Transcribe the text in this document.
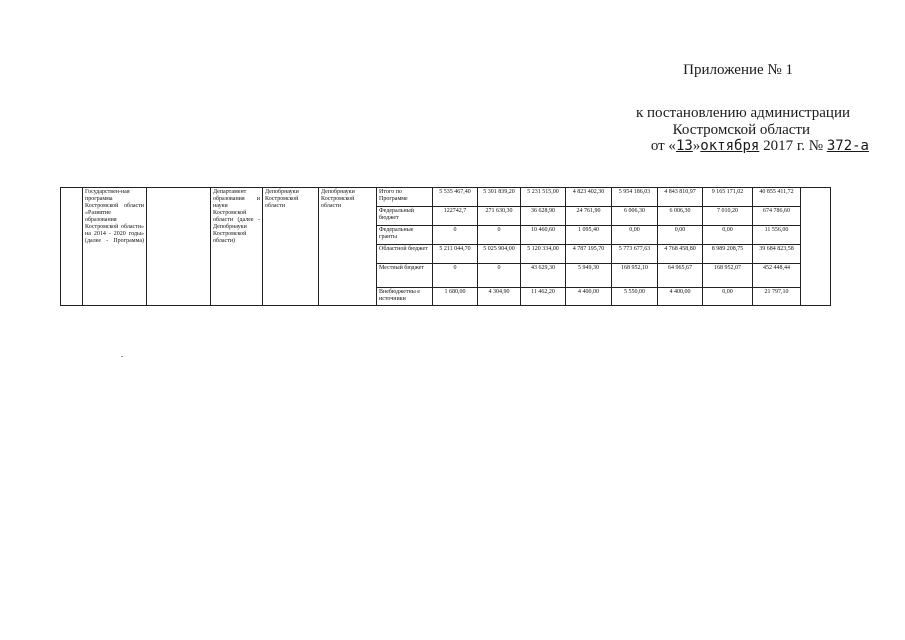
Приложение № 1
к постановлению администрации
Костромской области
от «13»октября 2017 г. № 372-а
	Государствен-ная программа Костромской области «Развитие образования Костромской области» на 2014 - 2020 годы» (далее - Программа)		Департамент образования и науки Костромской области (далее - Депобрнауки Костромской области)	Депобрнауки Костромской области	Депобрнауки Костромской области	Итого по Программе	5 535 467,40	5 301 839,20	5 231 515,00	4 823 402,30	5 954 186,03	4 843 810,97	9 165 171,02	40 855 411,72	
						Федеральный бюджет	122742,7	271 630,30	36 628,90	24 761,90	6 006,30	6 006,30	7 010,20	674 786,60	
						Федеральные гранты	0	0	10 460,60	1 095,40	0,00	0,00	0,00	11 556,00	
						Областной бюджет	5 211 044,70	5 025 904,00	5 120 334,00	4 787 195,70	5 773 677,63	4 768 458,80	8 989 208,75	39 684 823,58	
						Местный бюджет	0	0	43 629,30	5 949,30	168 952,10	64 965,67	168 952,07	452 448,44	
						Внебюджетны е источники	1 680,00	4 304,90	11 462,20	4 400,00	5 550,00	4 400,00	0,00	21 797,10	
